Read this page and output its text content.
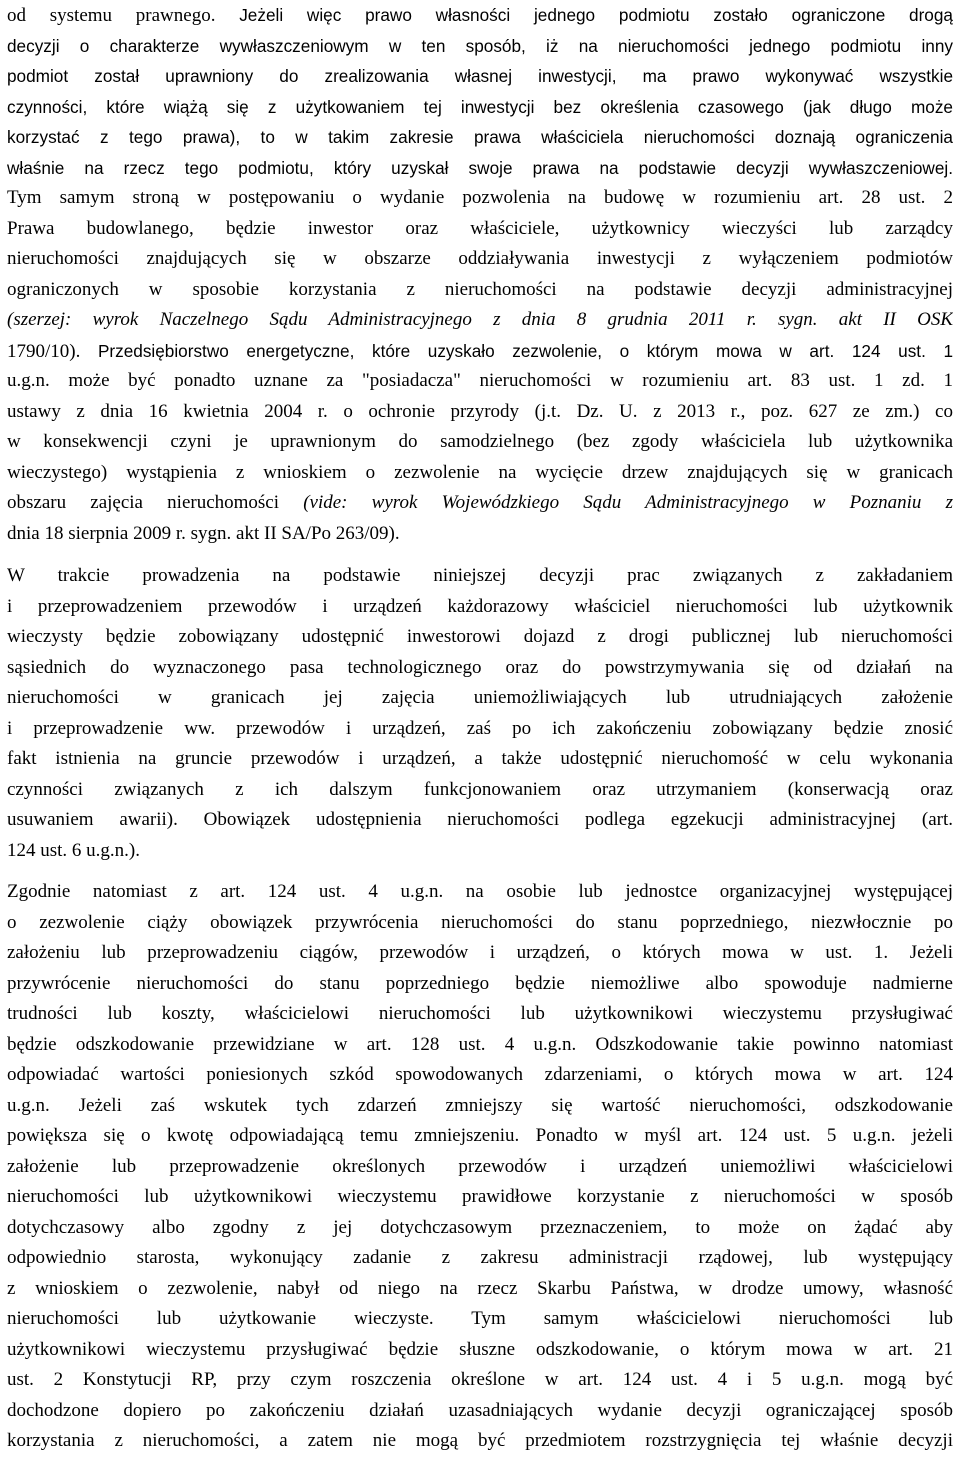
od systemu prawnego. Jeżeli więc prawo własności jednego podmiotu zostało ograniczone drogą
decyzji o charakterze wywłaszczeniowym w ten sposób, iż na nieruchomości jednego podmiotu inny
podmiot został uprawniony do zrealizowania własnej inwestycji, ma prawo wykonywać wszystkie
czynności, które wiążą się z użytkowaniem tej inwestycji bez określenia czasowego (jak długo może
korzystać z tego prawa), to w takim zakresie prawa właściciela nieruchomości doznają ograniczenia
właśnie na rzecz tego podmiotu, który uzyskał swoje prawa na podstawie decyzji wywłaszczeniowej.
Tym samym stroną w postępowaniu o wydanie pozwolenia na budowę w rozumieniu art. 28 ust. 2
Prawa budowlanego, będzie inwestor oraz właściciele, użytkownicy wieczyści lub zarządcy
nieruchomości znajdujących się w obszarze oddziaływania inwestycji z wyłączeniem podmiotów
ograniczonych w sposobie korzystania z nieruchomości na podstawie decyzji administracyjnej
(szerzej: wyrok Naczelnego Sądu Administracyjnego z dnia 8 grudnia 2011 r. sygn. akt II OSK
1790/10). Przedsiębiorstwo energetyczne, które uzyskało zezwolenie, o którym mowa w art. 124 ust. 1
u.g.n. może być ponadto uznane za "posiadacza" nieruchomości w rozumieniu art. 83 ust. 1 zd. 1
ustawy z dnia 16 kwietnia 2004 r. o ochronie przyrody (j.t. Dz. U. z 2013 r., poz. 627 ze zm.) co
w konsekwencji czyni je uprawnionym do samodzielnego (bez zgody właściciela lub użytkownika
wieczystego) wystąpienia z wnioskiem o zezwolenie na wycięcie drzew znajdujących się w granicach
obszaru zajęcia nieruchomości (vide: wyrok Wojewódzkiego Sądu Administracyjnego w Poznaniu z
dnia 18 sierpnia 2009 r. sygn. akt II SA/Po 263/09).
W trakcie prowadzenia na podstawie niniejszej decyzji prac związanych z zakładaniem
i przeprowadzeniem przewodów i urządzeń każdorazowy właściciel nieruchomości lub użytkownik
wieczysty będzie zobowiązany udostępnić inwestorowi dojazd z drogi publicznej lub nieruchomości
sąsiednich do wyznaczonego pasa technologicznego oraz do powstrzymywania się od działań na
nieruchomości w granicach jej zajęcia uniemożliwiających lub utrudniających założenie
i przeprowadzenie ww. przewodów i urządzeń, zaś po ich zakończeniu zobowiązany będzie znosić
fakt istnienia na gruncie przewodów i urządzeń, a także udostępnić nieruchomość w celu wykonania
czynności związanych z ich dalszym funkcjonowaniem oraz utrzymaniem (konserwacją oraz
usuwaniem awarii). Obowiązek udostępnienia nieruchomości podlega egzekucji administracyjnej (art.
124 ust. 6 u.g.n.).
Zgodnie natomiast z art. 124 ust. 4 u.g.n. na osobie lub jednostce organizacyjnej występującej
o zezwolenie ciąży obowiązek przywrócenia nieruchomości do stanu poprzedniego, niezwłocznie po
założeniu lub przeprowadzeniu ciągów, przewodów i urządzeń, o których mowa w ust. 1. Jeżeli
przywrócenie nieruchomości do stanu poprzedniego będzie niemożliwe albo spowoduje nadmierne
trudności lub koszty, właścicielowi nieruchomości lub użytkownikowi wieczystemu przysługiwać
będzie odszkodowanie przewidziane w art. 128 ust. 4 u.g.n. Odszkodowanie takie powinno natomiast
odpowiadać wartości poniesionych szkód spowodowanych zdarzeniami, o których mowa w art. 124
u.g.n. Jeżeli zaś wskutek tych zdarzeń zmniejszy się wartość nieruchomości, odszkodowanie
powiększa się o kwotę odpowiadającą temu zmniejszeniu. Ponadto w myśl art. 124 ust. 5 u.g.n. jeżeli
założenie lub przeprowadzenie określonych przewodów i urządzeń uniemożliwi właścicielowi
nieruchomości lub użytkownikowi wieczystemu prawidłowe korzystanie z nieruchomości w sposób
dotychczasowy albo zgodny z jej dotychczasowym przeznaczeniem, to może on żądać aby
odpowiednio starosta, wykonujący zadanie z zakresu administracji rządowej, lub występujący
z wnioskiem o zezwolenie, nabył od niego na rzecz Skarbu Państwa, w drodze umowy, własność
nieruchomości lub użytkowanie wieczyste. Tym samym właścicielowi nieruchomości lub
użytkownikowi wieczystemu przysługiwać będzie słuszne odszkodowanie, o którym mowa w art. 21
ust. 2 Konstytucji RP, przy czym roszczenia określone w art. 124 ust. 4 i 5 u.g.n. mogą być
dochodzone dopiero po zakończeniu działań uzasadniających wydanie decyzji ograniczającej sposób
korzystania z nieruchomości, a zatem nie mogą być przedmiotem rozstrzygnięcia tej właśnie decyzji
